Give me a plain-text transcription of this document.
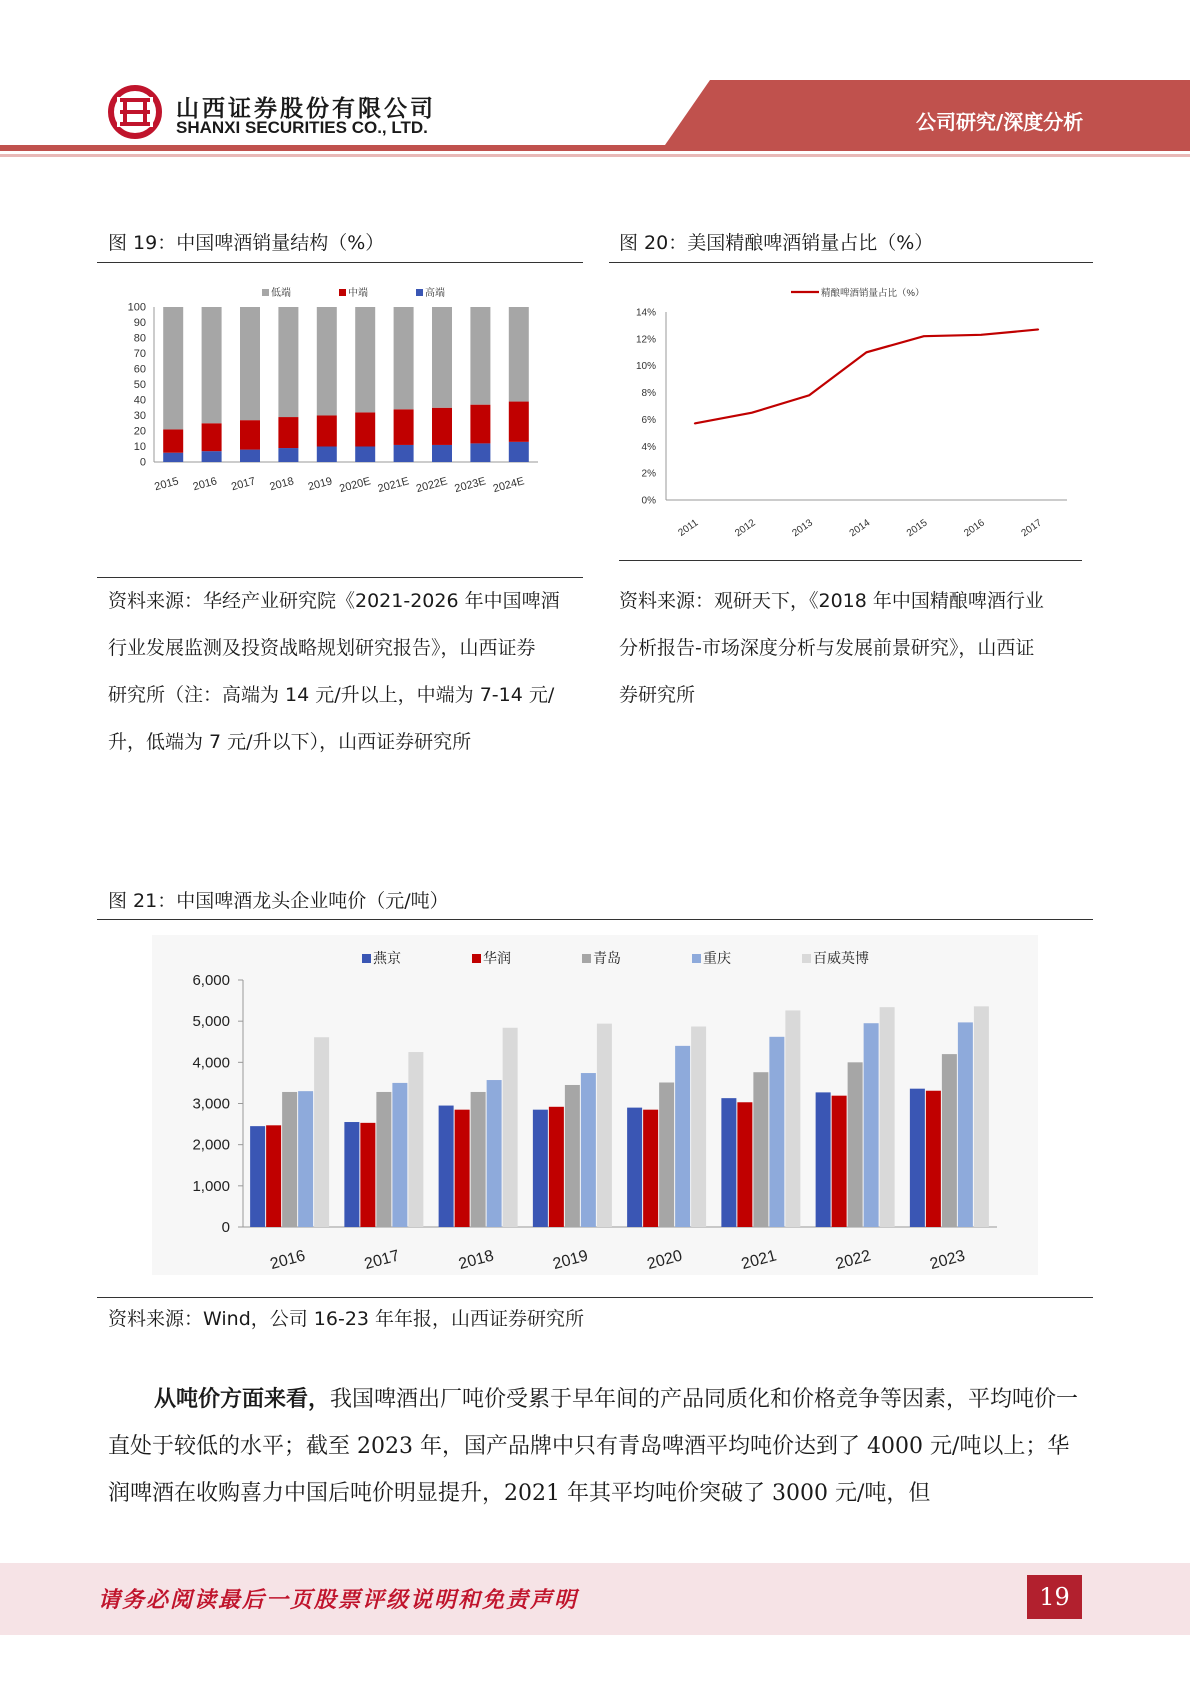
山西证券股份有限公司
SHANXI SECURITIES CO., LTD.	公司研究/深度分析
图 19：中国啤酒销量结构（%）
0
10
20
30
40
50
60
70
80
90
100
2015 2016 2017 2018 2019 2020E 2021E 2022E 2023E 2024E
低端	中端	高端
资料来源：华经产业研究院《2021-2026 年中国啤酒
行业发展监测及投资战略规划研究报告》，山西证券
研究所（注：高端为 14 元/升以上，中端为 7-14 元/
升，低端为 7 元/升以下），山西证券研究所
图 20：美国精酿啤酒销量占比（%）
0%
2%
4%
6%
8%
10%
12%
14%
2011	2012	2013	2014	2015	2016	2017
精酿啤酒销量占比（%）
资料来源：观研天下，《2018 年中国精酿啤酒行业
分析报告-市场深度分析与发展前景研究》，山西证
券研究所
图 21：中国啤酒龙头企业吨价（元/吨）
0
1,000
2,000
3,000
4,000
5,000
6,000
2016	2017	2018	2019	2020	2021	2022	2023
燕京	华润	青岛	重庆	百威英博
资料来源：Wind，公司 16-23 年年报，山西证券研究所
从吨价方面来看，我国啤酒出厂吨价受累于早年间的产品同质化和价格竞争等因素，平均吨价一直处于较低的水平；截至 2023 年，国产品牌中只有青岛啤酒平均吨价达到了 4000 元/吨以上；华润啤酒在收购喜力中国后吨价明显提升，2021 年其平均吨价突破了 3000 元/吨，但
请务必阅读最后一页股票评级说明和免责声明	19
